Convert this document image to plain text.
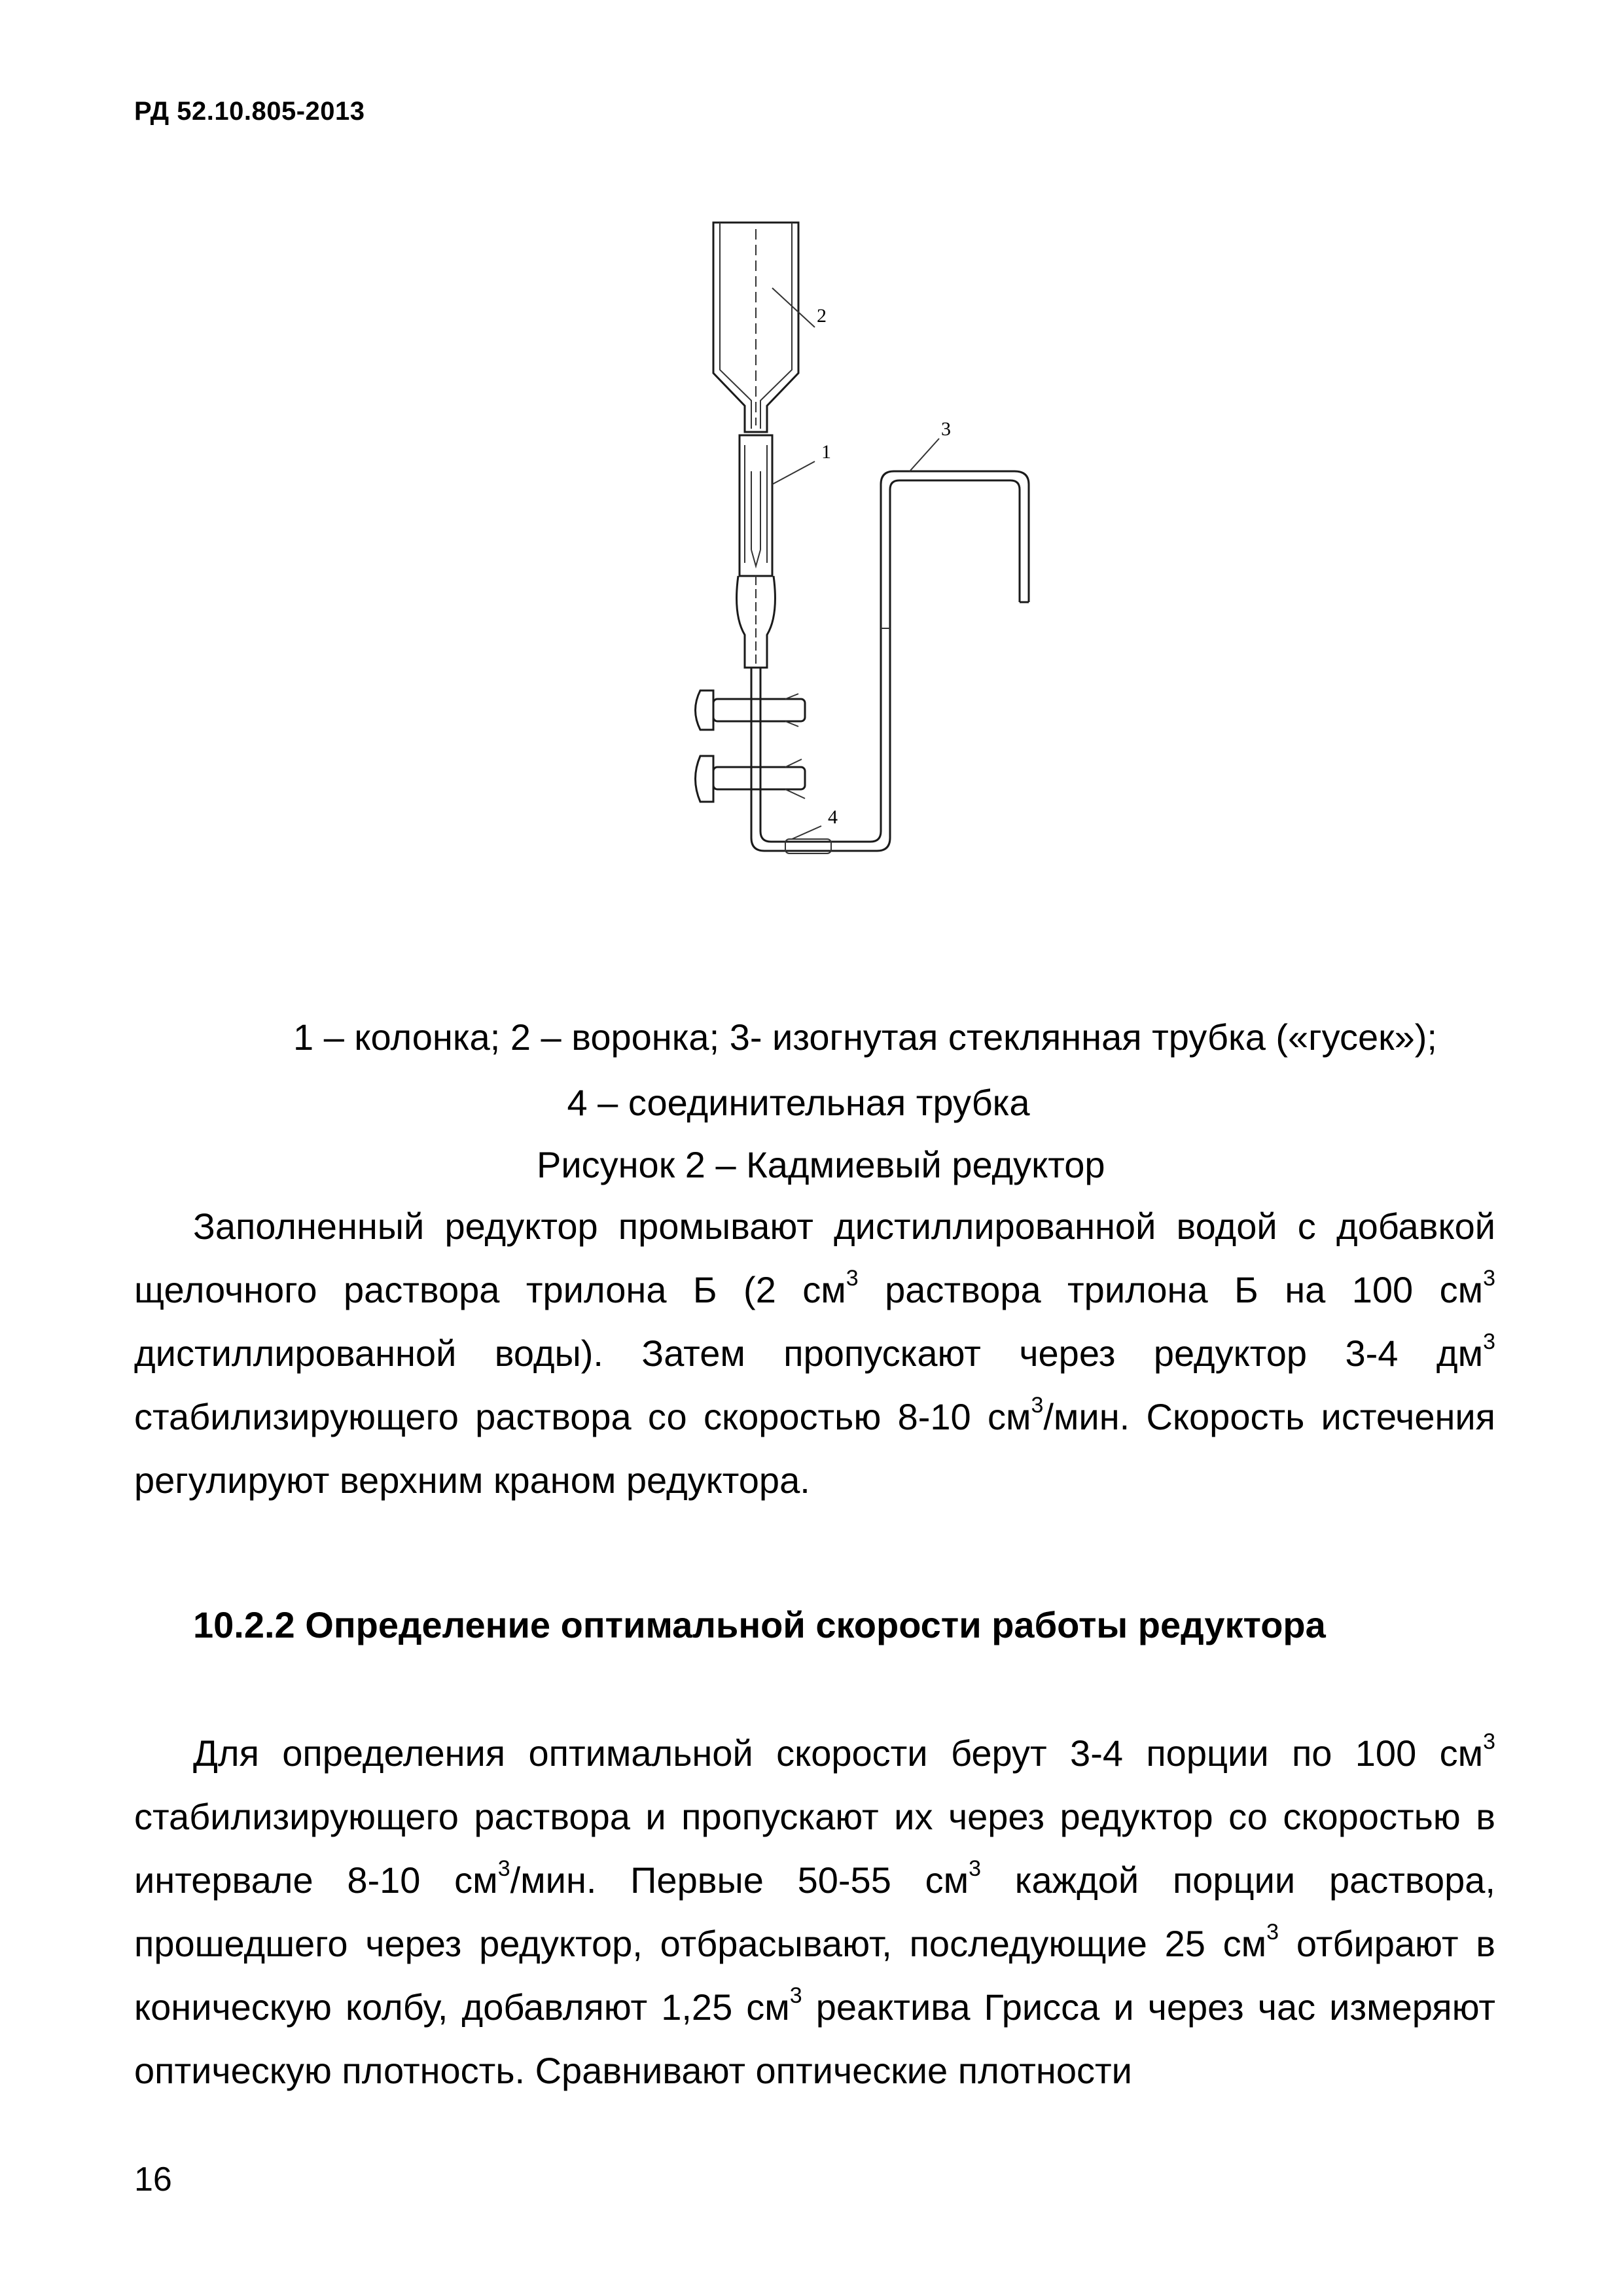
РД 52.10.805-2013
2
1
3
4
1 – колонка; 2 – воронка; 3- изогнутая стеклянная трубка («гусек»);
4 – соединительная трубка
Рисунок 2 – Кадмиевый редуктор

Заполненный редуктор промывают дистиллированной водой с добавкой щелочного раствора трилона Б (2 $см^3$ раствора трилона Б на 100 $см^3$ дистиллированной воды). Затем пропускают через редуктор 3-4 $дм^3$ стабилизирующего раствора со скоростью 8-10 $см^3$/мин. Скорость истечения регулируют верхним краном редуктора.

10.2.2 Определение оптимальной скорости работы редуктора

Для определения оптимальной скорости берут 3-4 порции по 100 $см^3$ стабилизирующего раствора и пропускают их через редуктор со скоростью в интервале 8-10 $см^3$/мин. Первые 50-55 $см^3$ каждой порции раствора, прошедшего через редуктор, отбрасывают, последующие 25 $см^3$ отбирают в коническую колбу, добавляют 1,25 $см^3$ реактива Грисса и через час измеряют оптическую плотность. Сравнивают оптические плотности

16
